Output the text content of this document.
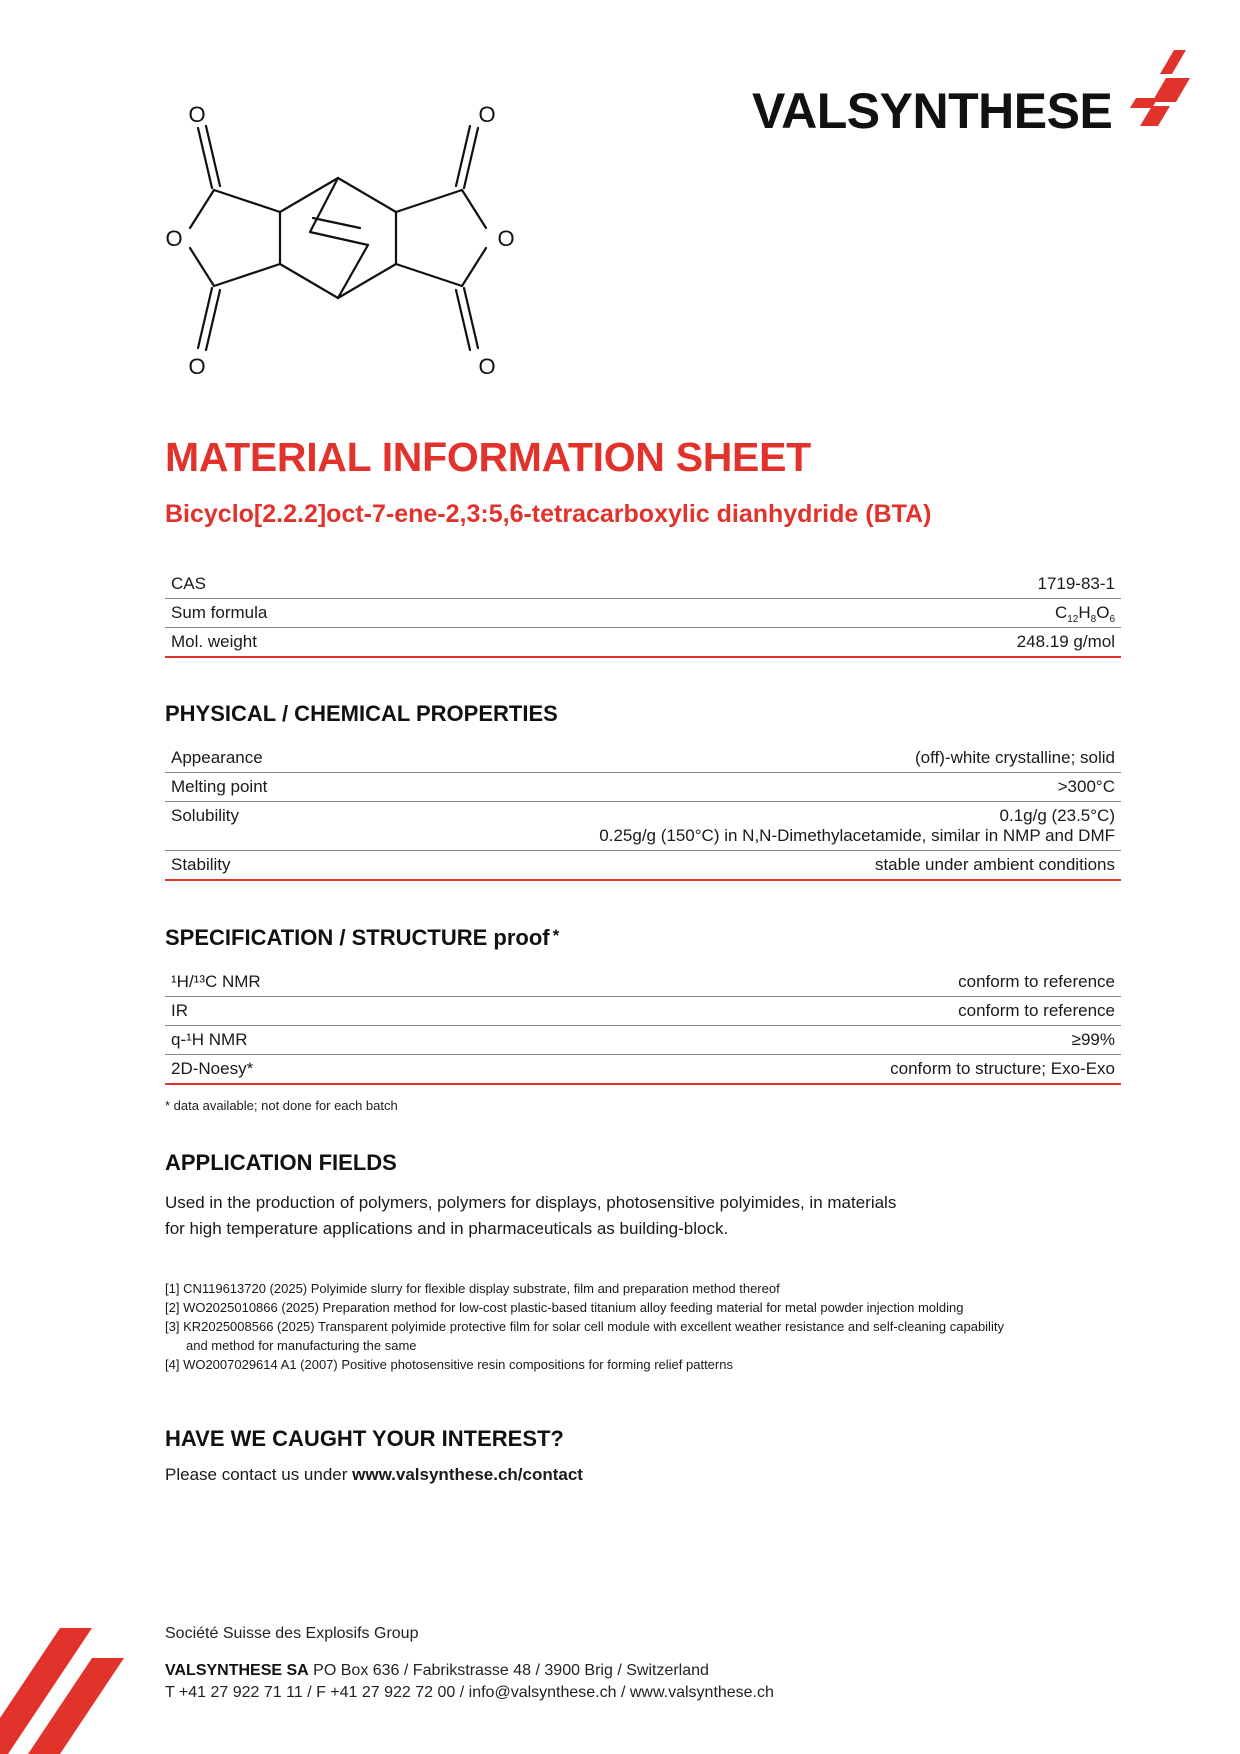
VALSYNTHESE
O	O
O	O
O	O
MATERIAL INFORMATION SHEET
Bicyclo[2.2.2]oct-7-ene-2,3:5,6-tetracarboxylic dianhydride (BTA)
CAS	1719-83-1
Sum formula	$C_{12}H_8O_6$
Mol. weight	248.19 g/mol
PHYSICAL / CHEMICAL PROPERTIES
Appearance	(off)-white crystalline; solid
Melting point	>300°C
Solubility	0.1g/g (23.5°C)
0.25g/g (150°C) in N,N-Dimethylacetamide, similar in NMP and DMF

Stability	stable under ambient conditions
SPECIFICATION / STRUCTURE proof *
¹H/¹³C NMR	conform to reference
IR	conform to reference
q-¹H NMR	≥99%
2D-Noesy*	conform to structure; Exo-Exo
* data available; not done for each batch
APPLICATION FIELDS
Used in the production of polymers, polymers for displays, photosensitive polyimides, in materials
for high temperature applications and in pharmaceuticals as building-block.
[1] CN119613720 (2025) Polyimide slurry for flexible display substrate, film and preparation method thereof
[2] WO2025010866 (2025) Preparation method for low-cost plastic-based titanium alloy feeding material for metal powder injection molding
[3] KR2025008566 (2025) Transparent polyimide protective film for solar cell module with excellent weather resistance and self-cleaning capability
and method for manufacturing the same
[4] WO2007029614 A1 (2007) Positive photosensitive resin compositions for forming relief patterns
HAVE WE CAUGHT YOUR INTEREST?
Please contact us under www.valsynthese.ch/contact
Société Suisse des Explosifs Group
VALSYNTHESE SA PO Box 636 / Fabrikstrasse 48 / 3900 Brig / Switzerland
T +41 27 922 71 11 / F +41 27 922 72 00 / info@valsynthese.ch / www.valsynthese.ch
